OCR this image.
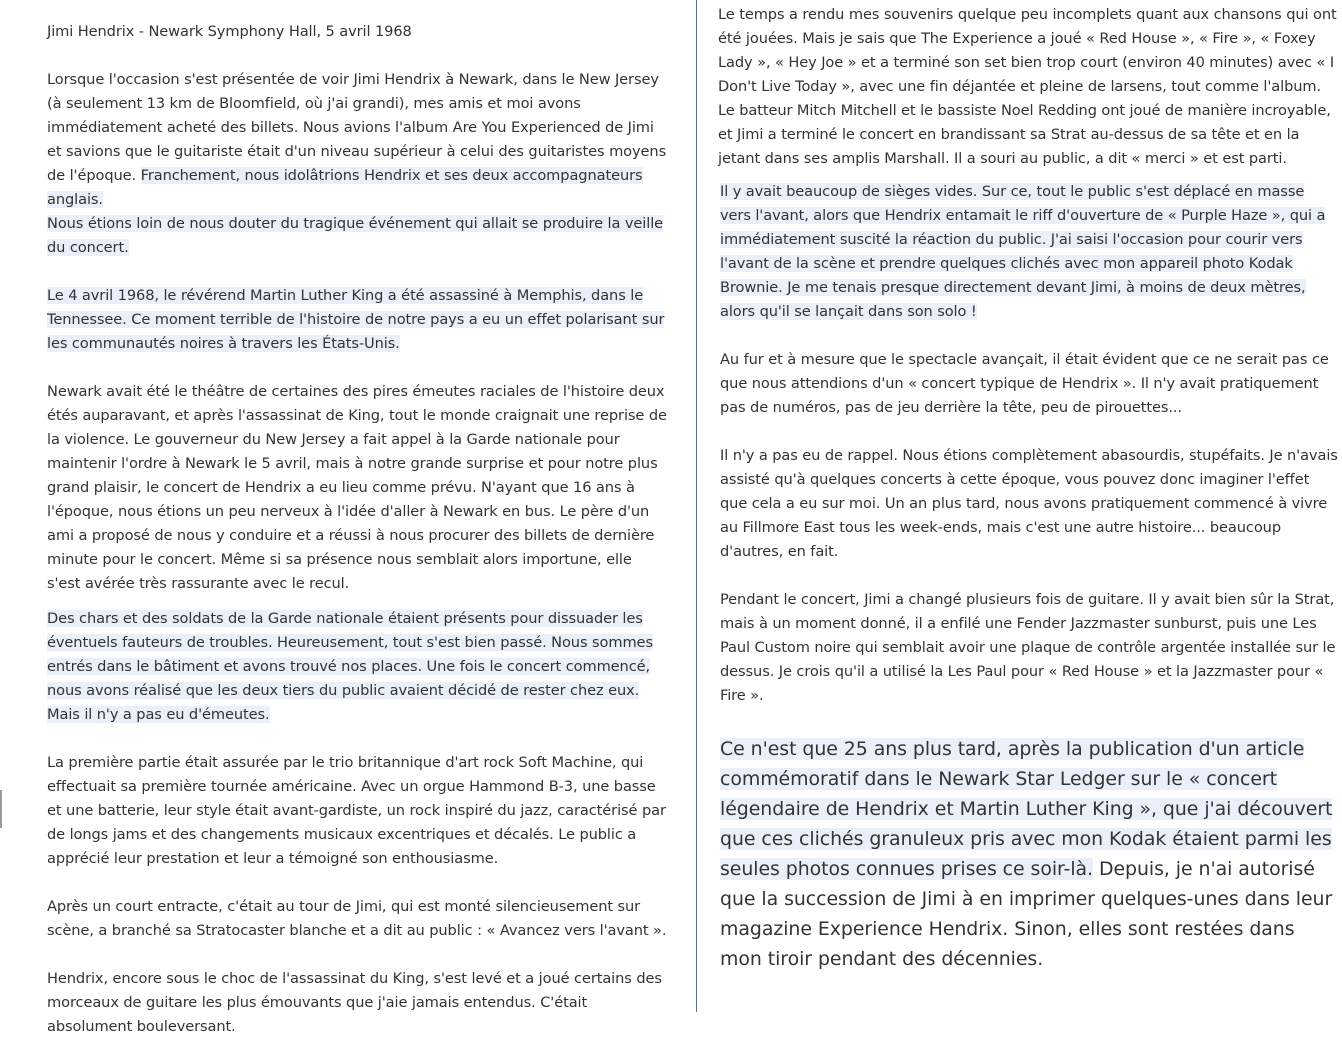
Jimi Hendrix - Newark Symphony Hall, 5 avril 1968

Lorsque l'occasion s'est présentée de voir Jimi Hendrix à Newark, dans le New Jersey (à seulement 13 km de Bloomfield, où j'ai grandi), mes amis et moi avons immédiatement acheté des billets. Nous avions l'album Are You Experienced de Jimi et savions que le guitariste était d'un niveau supérieur à celui des guitaristes moyens de l'époque. Franchement, nous idolâtrions Hendrix et ses deux accompagnateurs anglais.
Nous étions loin de nous douter du tragique événement qui allait se produire la veille du concert.

Le 4 avril 1968, le révérend Martin Luther King a été assassiné à Memphis, dans le Tennessee. Ce moment terrible de l'histoire de notre pays a eu un effet polarisant sur les communautés noires à travers les États-Unis.

Newark avait été le théâtre de certaines des pires émeutes raciales de l'histoire deux étés auparavant, et après l'assassinat de King, tout le monde craignait une reprise de la violence. Le gouverneur du New Jersey a fait appel à la Garde nationale pour maintenir l'ordre à Newark le 5 avril, mais à notre grande surprise et pour notre plus grand plaisir, le concert de Hendrix a eu lieu comme prévu. N'ayant que 16 ans à l'époque, nous étions un peu nerveux à l'idée d'aller à Newark en bus. Le père d'un ami a proposé de nous y conduire et a réussi à nous procurer des billets de dernière minute pour le concert. Même si sa présence nous semblait alors importune, elle s'est avérée très rassurante avec le recul.

Des chars et des soldats de la Garde nationale étaient présents pour dissuader les éventuels fauteurs de troubles. Heureusement, tout s'est bien passé. Nous sommes entrés dans le bâtiment et avons trouvé nos places. Une fois le concert commencé, nous avons réalisé que les deux tiers du public avaient décidé de rester chez eux. Mais il n'y a pas eu d'émeutes.

La première partie était assurée par le trio britannique d'art rock Soft Machine, qui effectuait sa première tournée américaine. Avec un orgue Hammond B-3, une basse et une batterie, leur style était avant-gardiste, un rock inspiré du jazz, caractérisé par de longs jams et des changements musicaux excentriques et décalés. Le public a apprécié leur prestation et leur a témoigné son enthousiasme.

Après un court entracte, c'était au tour de Jimi, qui est monté silencieusement sur scène, a branché sa Stratocaster blanche et a dit au public : « Avancez vers l'avant ».

Hendrix, encore sous le choc de l'assassinat du King, s'est levé et a joué certains des morceaux de guitare les plus émouvants que j'aie jamais entendus. C'était absolument bouleversant.

Le temps a rendu mes souvenirs quelque peu incomplets quant aux chansons qui ont été jouées. Mais je sais que The Experience a joué « Red House », « Fire », « Foxey Lady », « Hey Joe » et a terminé son set bien trop court (environ 40 minutes) avec « I Don't Live Today », avec une fin déjantée et pleine de larsens, tout comme l'album. Le batteur Mitch Mitchell et le bassiste Noel Redding ont joué de manière incroyable, et Jimi a terminé le concert en brandissant sa Strat au-dessus de sa tête et en la jetant dans ses amplis Marshall. Il a souri au public, a dit « merci » et est parti.

Il y avait beaucoup de sièges vides. Sur ce, tout le public s'est déplacé en masse vers l'avant, alors que Hendrix entamait le riff d'ouverture de « Purple Haze », qui a immédiatement suscité la réaction du public. J'ai saisi l'occasion pour courir vers l'avant de la scène et prendre quelques clichés avec mon appareil photo Kodak Brownie. Je me tenais presque directement devant Jimi, à moins de deux mètres, alors qu'il se lançait dans son solo !

Au fur et à mesure que le spectacle avançait, il était évident que ce ne serait pas ce que nous attendions d'un « concert typique de Hendrix ». Il n'y avait pratiquement pas de numéros, pas de jeu derrière la tête, peu de pirouettes...

Il n'y a pas eu de rappel. Nous étions complètement abasourdis, stupéfaits. Je n'avais assisté qu'à quelques concerts à cette époque, vous pouvez donc imaginer l'effet que cela a eu sur moi. Un an plus tard, nous avons pratiquement commencé à vivre au Fillmore East tous les week-ends, mais c'est une autre histoire... beaucoup d'autres, en fait.

Pendant le concert, Jimi a changé plusieurs fois de guitare. Il y avait bien sûr la Strat, mais à un moment donné, il a enfilé une Fender Jazzmaster sunburst, puis une Les Paul Custom noire qui semblait avoir une plaque de contrôle argentée installée sur le dessus. Je crois qu'il a utilisé la Les Paul pour « Red House » et la Jazzmaster pour « Fire ».

Ce n'est que 25 ans plus tard, après la publication d'un article commémoratif dans le Newark Star Ledger sur le « concert légendaire de Hendrix et Martin Luther King », que j'ai découvert que ces clichés granuleux pris avec mon Kodak étaient parmi les seules photos connues prises ce soir-là. Depuis, je n'ai autorisé que la succession de Jimi à en imprimer quelques-unes dans leur magazine Experience Hendrix. Sinon, elles sont restées dans mon tiroir pendant des décennies.
